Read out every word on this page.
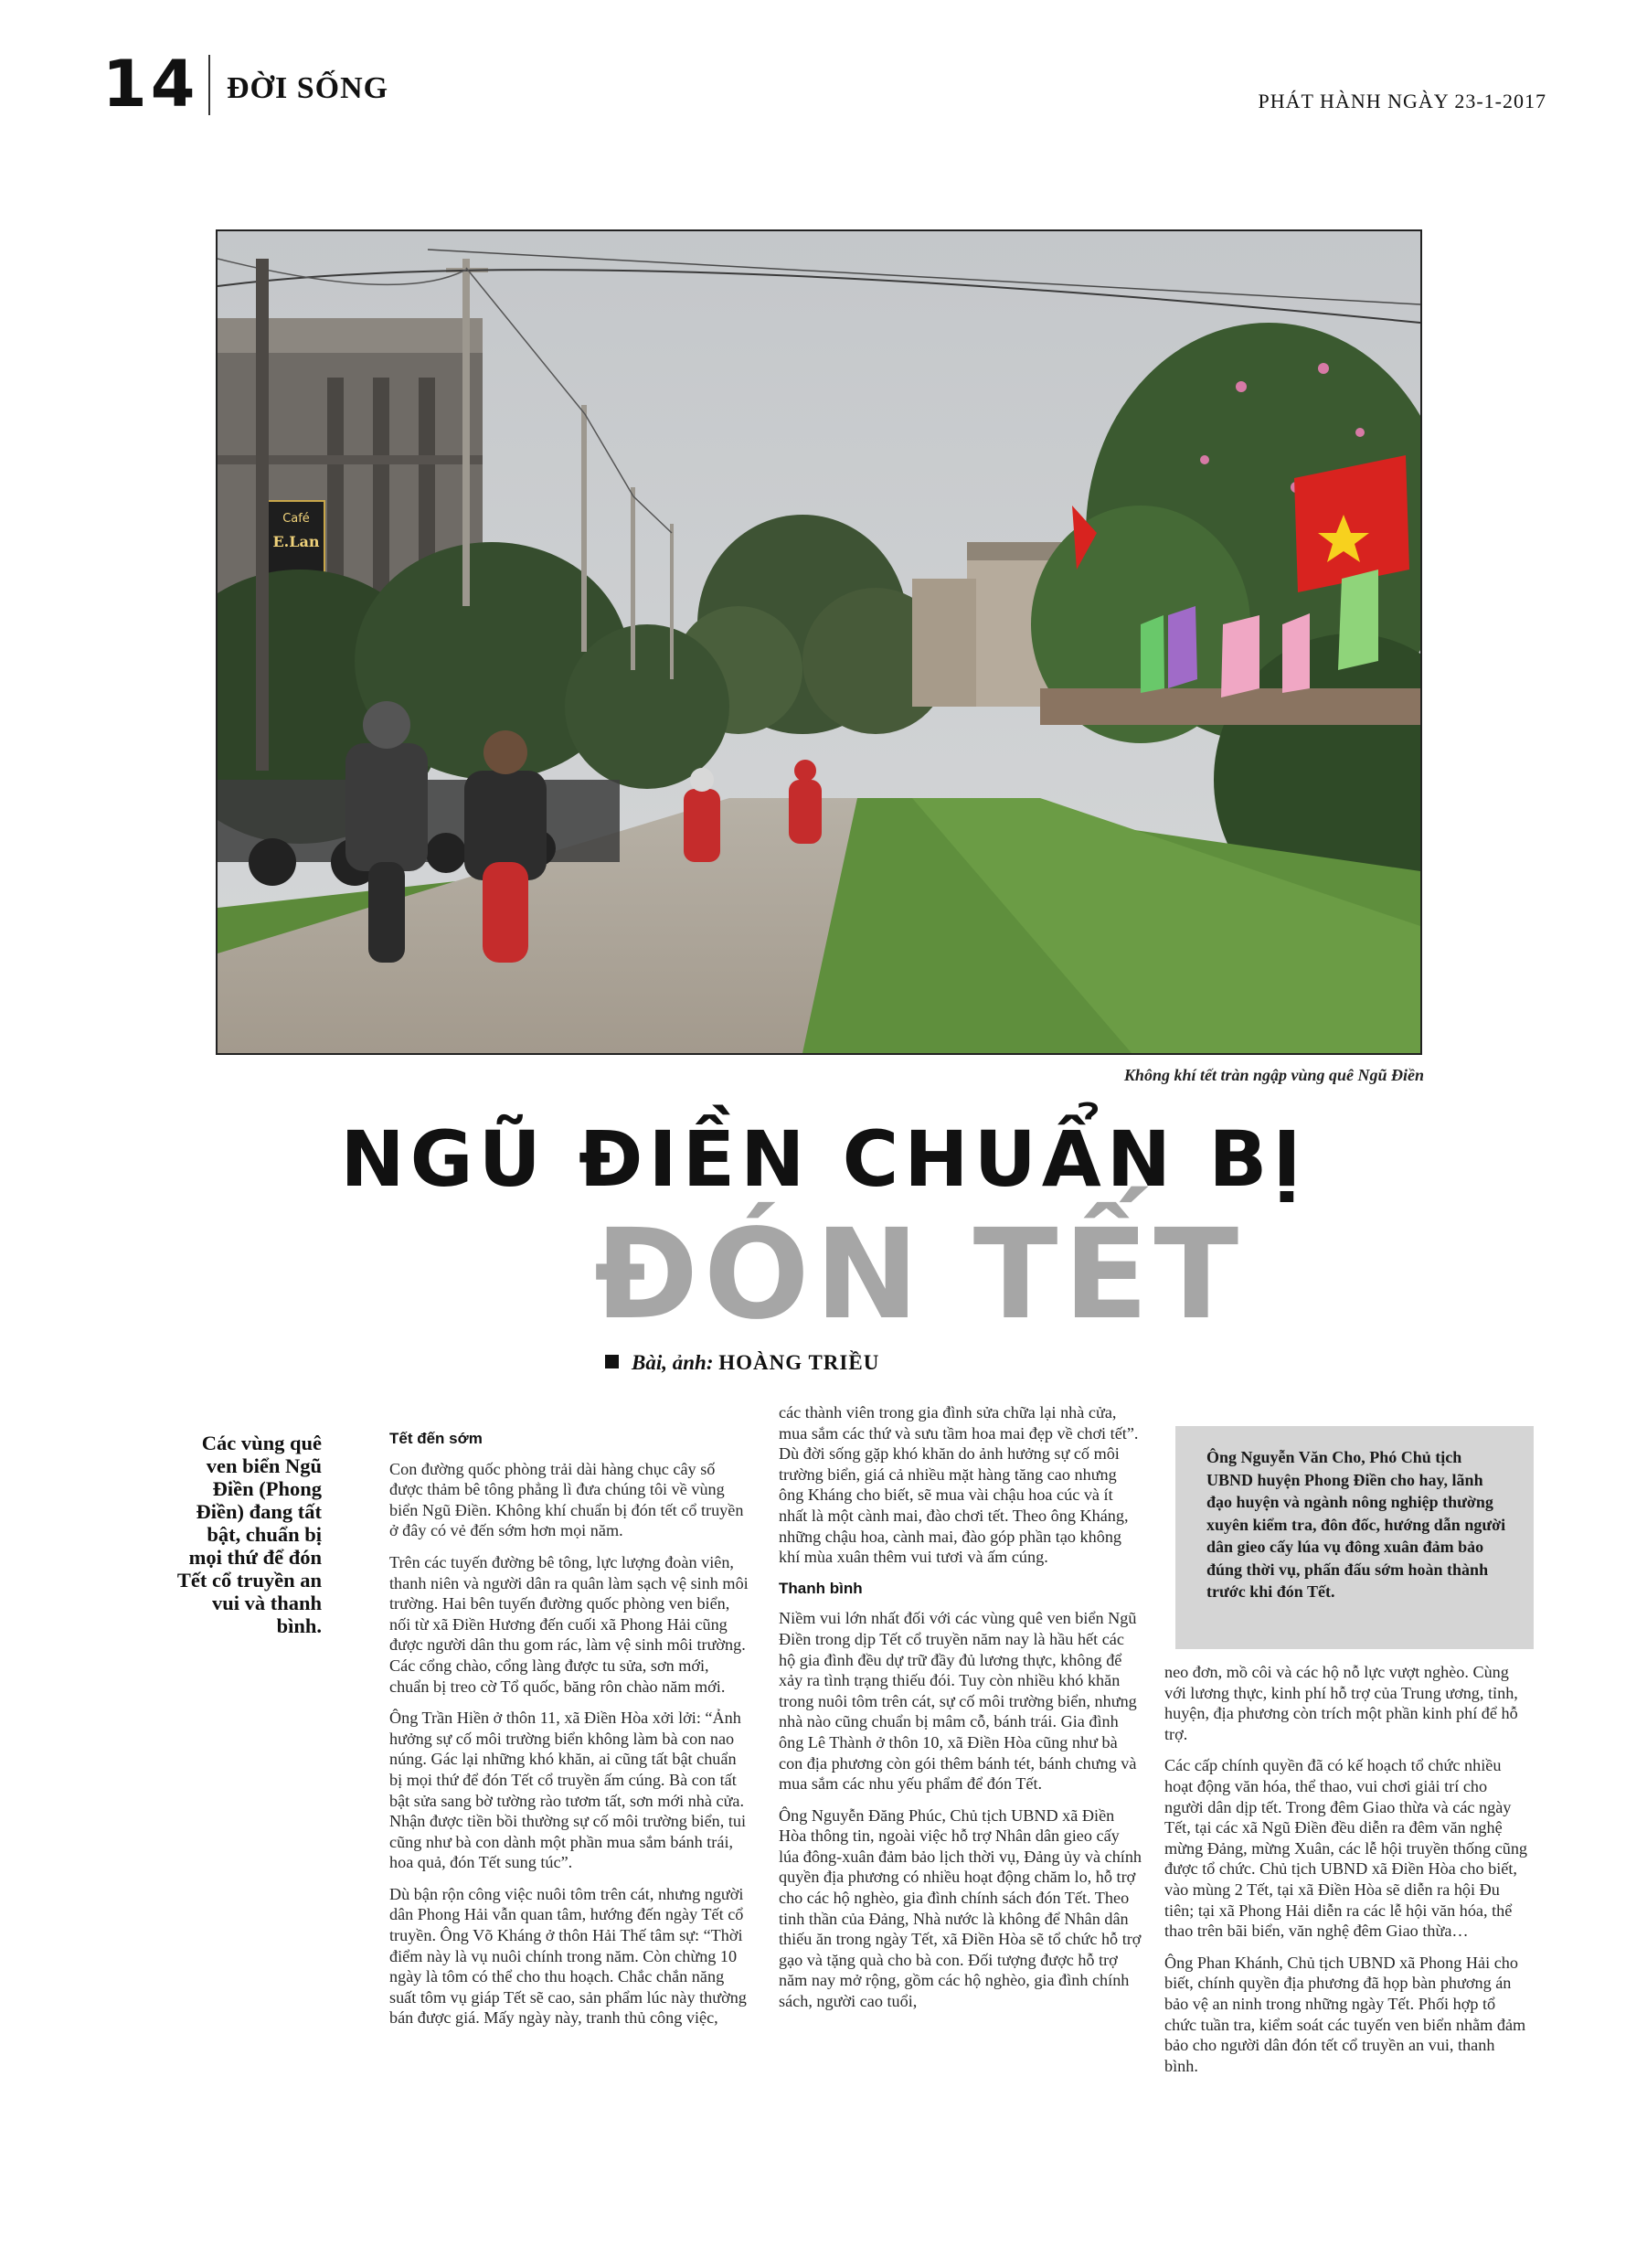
14 ĐỜI SỐNG	PHÁT HÀNH NGÀY 23-1-2017
Café
E.Lan
Không khí tết tràn ngập vùng quê Ngũ Điền
NGŨ ĐIỀN CHUẨN BỊ
ĐÓN TẾT
Bài, ảnh: HOÀNG TRIỀU
Các vùng quê ven biển Ngũ Điền (Phong Điền) đang tất bật, chuẩn bị mọi thứ để đón Tết cổ truyền an vui và thanh bình.

Tết đến sớm

Con đường quốc phòng trải dài hàng chục cây số được thảm bê tông phẳng lì đưa chúng tôi về vùng biển Ngũ Điền. Không khí chuẩn bị đón tết cổ truyền ở đây có vẻ đến sớm hơn mọi năm.

Trên các tuyến đường bê tông, lực lượng đoàn viên, thanh niên và người dân ra quân làm sạch vệ sinh môi trường. Hai bên tuyến đường quốc phòng ven biển, nối từ xã Điền Hương đến cuối xã Phong Hải cũng được người dân thu gom rác, làm vệ sinh môi trường. Các cổng chào, cổng làng được tu sửa, sơn mới, chuẩn bị treo cờ Tổ quốc, băng rôn chào năm mới.

Ông Trần Hiền ở thôn 11, xã Điền Hòa xởi lởi: “Ảnh hưởng sự cố môi trường biển không làm bà con nao núng. Gác lại những khó khăn, ai cũng tất bật chuẩn bị mọi thứ để đón Tết cổ truyền ấm cúng. Bà con tất bật sửa sang bờ tường rào tươm tất, sơn mới nhà cửa. Nhận được tiền bồi thường sự cố môi trường biển, tui cũng như bà con dành một phần mua sắm bánh trái, hoa quả, đón Tết sung túc”.

Dù bận rộn công việc nuôi tôm trên cát, nhưng người dân Phong Hải vẫn quan tâm, hướng đến ngày Tết cổ truyền. Ông Võ Kháng ở thôn Hải Thế tâm sự: “Thời điểm này là vụ nuôi chính trong năm. Còn chừng 10 ngày là tôm có thể cho thu hoạch. Chắc chắn năng suất tôm vụ giáp Tết sẽ cao, sản phẩm lúc này thường bán được giá. Mấy ngày này, tranh thủ công việc,

các thành viên trong gia đình sửa chữa lại nhà cửa, mua sắm các thứ và sưu tầm hoa mai đẹp về chơi tết”. Dù đời sống gặp khó khăn do ảnh hưởng sự cố môi trường biển, giá cả nhiều mặt hàng tăng cao nhưng ông Kháng cho biết, sẽ mua vài chậu hoa cúc và ít nhất là một cành mai, đào chơi tết. Theo ông Kháng, những chậu hoa, cành mai, đào góp phần tạo không khí mùa xuân thêm vui tươi và ấm cúng.

Thanh bình

Niềm vui lớn nhất đối với các vùng quê ven biển Ngũ Điền trong dịp Tết cổ truyền năm nay là hầu hết các hộ gia đình đều dự trữ đầy đủ lương thực, không để xảy ra tình trạng thiếu đói. Tuy còn nhiều khó khăn trong nuôi tôm trên cát, sự cố môi trường biển, nhưng nhà nào cũng chuẩn bị mâm cỗ, bánh trái. Gia đình ông Lê Thành ở thôn 10, xã Điền Hòa cũng như bà con địa phương còn gói thêm bánh tét, bánh chưng và mua sắm các nhu yếu phẩm để đón Tết.

Ông Nguyễn Đăng Phúc, Chủ tịch UBND xã Điền Hòa thông tin, ngoài việc hỗ trợ Nhân dân gieo cấy lúa đông-xuân đảm bảo lịch thời vụ, Đảng ủy và chính quyền địa phương có nhiều hoạt động chăm lo, hỗ trợ cho các hộ nghèo, gia đình chính sách đón Tết. Theo tinh thần của Đảng, Nhà nước là không để Nhân dân thiếu ăn trong ngày Tết, xã Điền Hòa sẽ tổ chức hỗ trợ gạo và tặng quà cho bà con. Đối tượng được hỗ trợ năm nay mở rộng, gồm các hộ nghèo, gia đình chính sách, người cao tuổi,

Ông Nguyễn Văn Cho, Phó Chủ tịch UBND huyện Phong Điền cho hay, lãnh đạo huyện và ngành nông nghiệp thường xuyên kiểm tra, đôn đốc, hướng dẫn người dân gieo cấy lúa vụ đông xuân đảm bảo đúng thời vụ, phấn đấu sớm hoàn thành trước khi đón Tết.

neo đơn, mồ côi và các hộ nỗ lực vượt nghèo. Cùng với lương thực, kinh phí hỗ trợ của Trung ương, tỉnh, huyện, địa phương còn trích một phần kinh phí để hỗ trợ.

Các cấp chính quyền đã có kế hoạch tổ chức nhiều hoạt động văn hóa, thể thao, vui chơi giải trí cho người dân dịp tết. Trong đêm Giao thừa và các ngày Tết, tại các xã Ngũ Điền đều diễn ra đêm văn nghệ mừng Đảng, mừng Xuân, các lễ hội truyền thống cũng được tổ chức. Chủ tịch UBND xã Điền Hòa cho biết, vào mùng 2 Tết, tại xã Điền Hòa sẽ diễn ra hội Đu tiên; tại xã Phong Hải diễn ra các lễ hội văn hóa, thể thao trên bãi biển, văn nghệ đêm Giao thừa…

Ông Phan Khánh, Chủ tịch UBND xã Phong Hải cho biết, chính quyền địa phương đã họp bàn phương án bảo vệ an ninh trong những ngày Tết. Phối hợp tổ chức tuần tra, kiểm soát các tuyến ven biển nhằm đảm bảo cho người dân đón tết cổ truyền an vui, thanh bình.
